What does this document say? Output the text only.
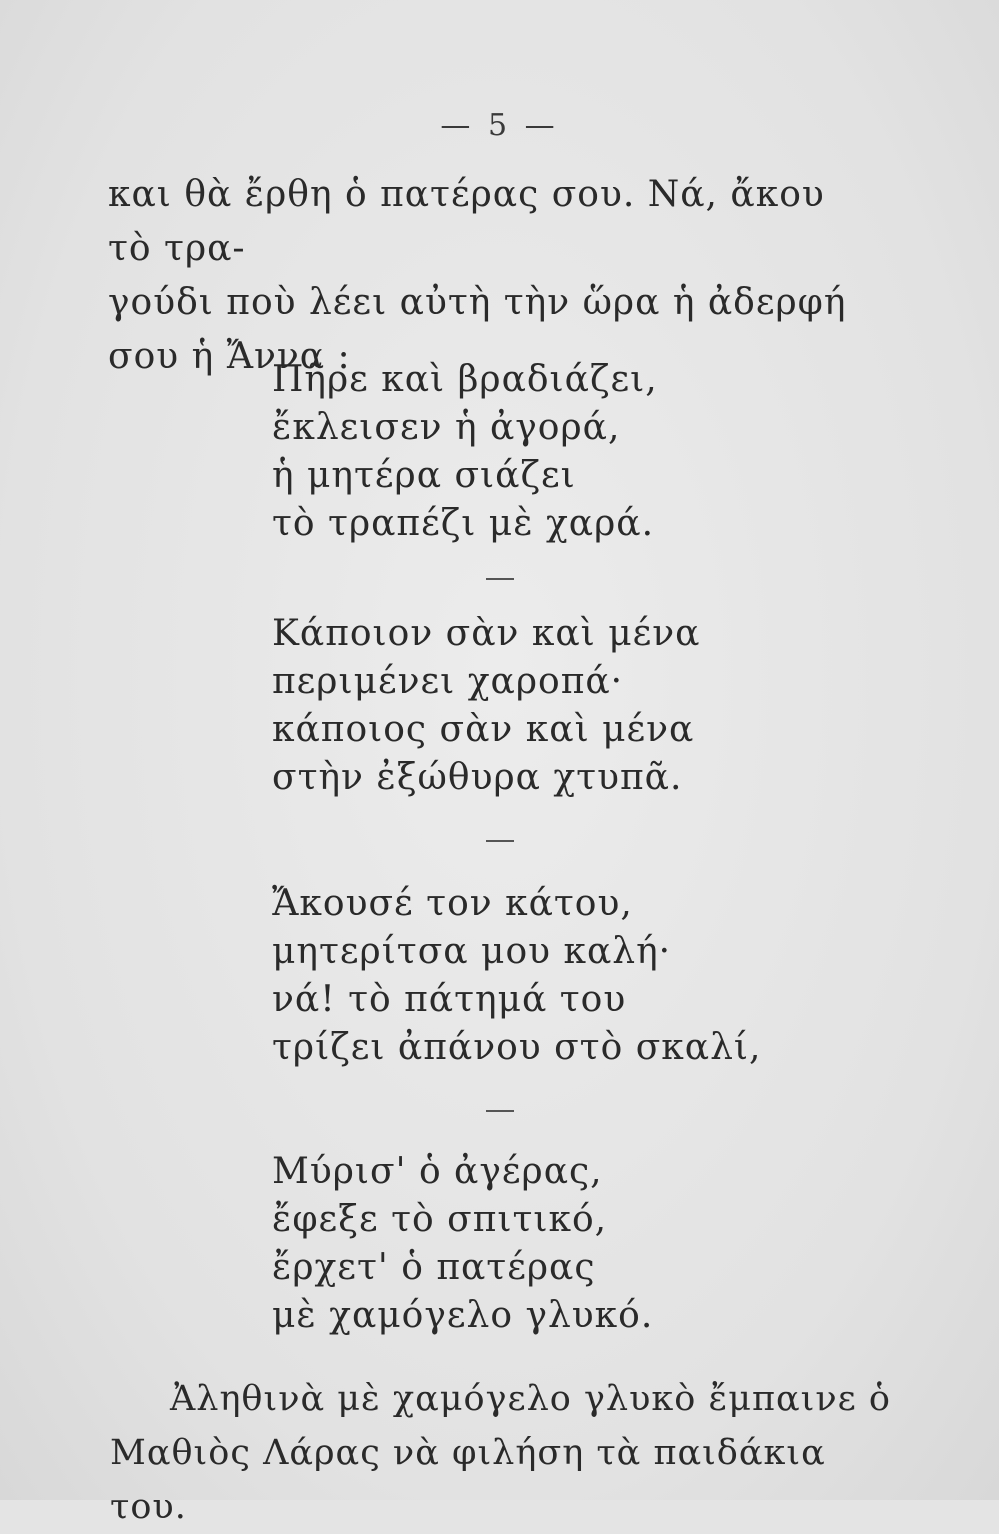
— 5 —

και θὰ ἔρθη ὁ πατέρας σου. Νά, ἄκου τὸ τρα-

γούδι ποὺ λέει αὐτὴ τὴν ὥρα ἡ ἀδερφή

σου ἡ Ἄννα :

Πῆρε καὶ βραδιάζει,
ἔκλεισεν ἡ ἀγορά,
ἡ μητέρα σιάζει
τὸ τραπέζι μὲ χαρά.
Κάποιον σὰν καὶ μένα
περιμένει χαροπά·
κάποιος σὰν καὶ μένα
στὴν ἐξώθυρα χτυπᾶ.
Ἄκουσέ τον κάτου,
μητερίτσα μου καλή·
νά! τὸ πάτημά του
τρίζει ἀπάνου στὸ σκαλί,
Μύρισ' ὁ ἀγέρας,
ἔφεξε τὸ σπιτικό,
ἔρχετ' ὁ πατέρας
μὲ χαμόγελο γλυκό.

Ἀληθινὰ μὲ χαμόγελο γλυκὸ ἔμπαινε ὁ

Μαθιὸς Λάρας νὰ φιλήση τὰ παιδάκια του.
